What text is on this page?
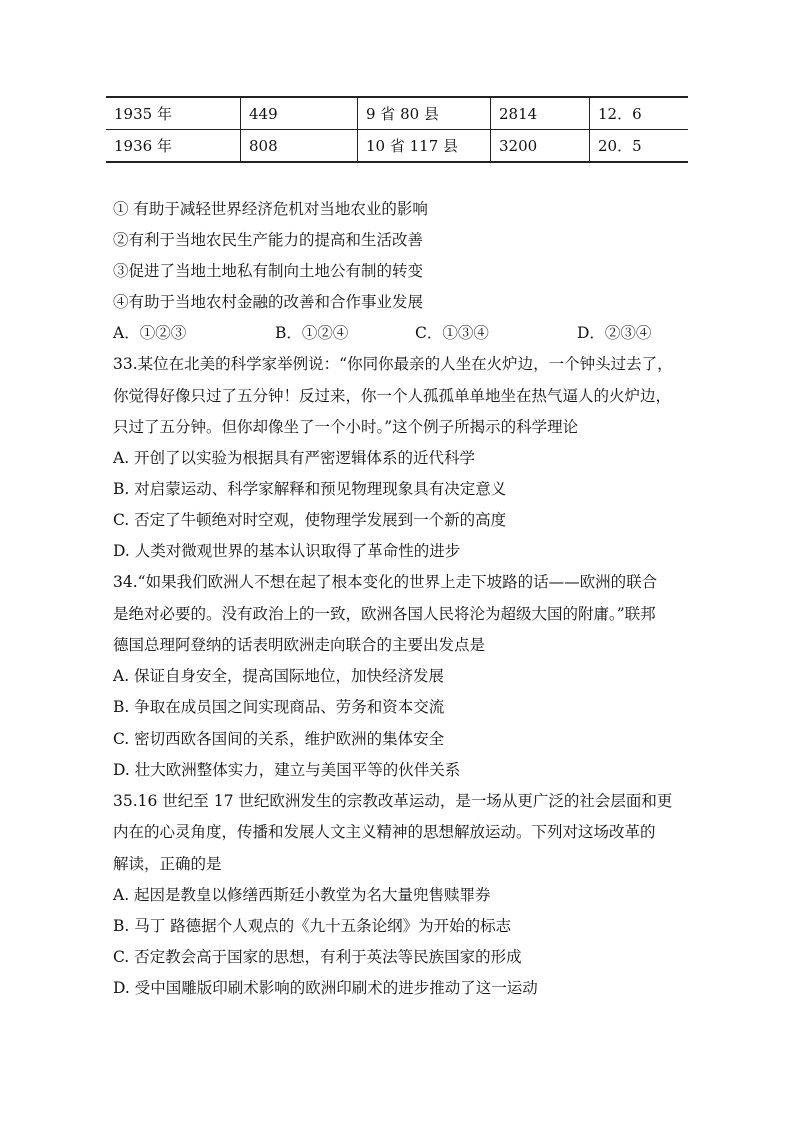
1935 年	449	9 省 80 县	2814	12．6
1936 年	808	10 省 117 县	3200	20．5
① 有助于减轻世界经济危机对当地农业的影响
②有利于当地农民生产能力的提高和生活改善
③促进了当地土地私有制向土地公有制的转变
④有助于当地农村金融的改善和合作事业发展
A．①②③	B．①②④	C．①③④	D．②③④
33.某位在北美的科学家举例说：“你同你最亲的人坐在火炉边，一个钟头过去了，
你觉得好像只过了五分钟！反过来，你一个人孤孤单单地坐在热气逼人的火炉边，
只过了五分钟。但你却像坐了一个小时。”这个例子所揭示的科学理论
A. 开创了以实验为根据具有严密逻辑体系的近代科学
B. 对启蒙运动、科学家解释和预见物理现象具有决定意义
C. 否定了牛顿绝对时空观，使物理学发展到一个新的高度
D. 人类对微观世界的基本认识取得了革命性的进步
34.“如果我们欧洲人不想在起了根本变化的世界上走下坡路的话——欧洲的联合
是绝对必要的。没有政治上的一致，欧洲各国人民将沦为超级大国的附庸。”联邦
德国总理阿登纳的话表明欧洲走向联合的主要出发点是
A. 保证自身安全，提高国际地位，加快经济发展
B. 争取在成员国之间实现商品、劳务和资本交流
C. 密切西欧各国间的关系，维护欧洲的集体安全
D. 壮大欧洲整体实力，建立与美国平等的伙伴关系
35.16 世纪至 17 世纪欧洲发生的宗教改革运动，是一场从更广泛的社会层面和更
内在的心灵角度，传播和发展人文主义精神的思想解放运动。下列对这场改革的
解读，正确的是
A. 起因是教皇以修缮西斯廷小教堂为名大量兜售赎罪券
B. 马丁 路德据个人观点的《九十五条论纲》为开始的标志
C. 否定教会高于国家的思想，有利于英法等民族国家的形成
D. 受中国雕版印刷术影响的欧洲印刷术的进步推动了这一运动
